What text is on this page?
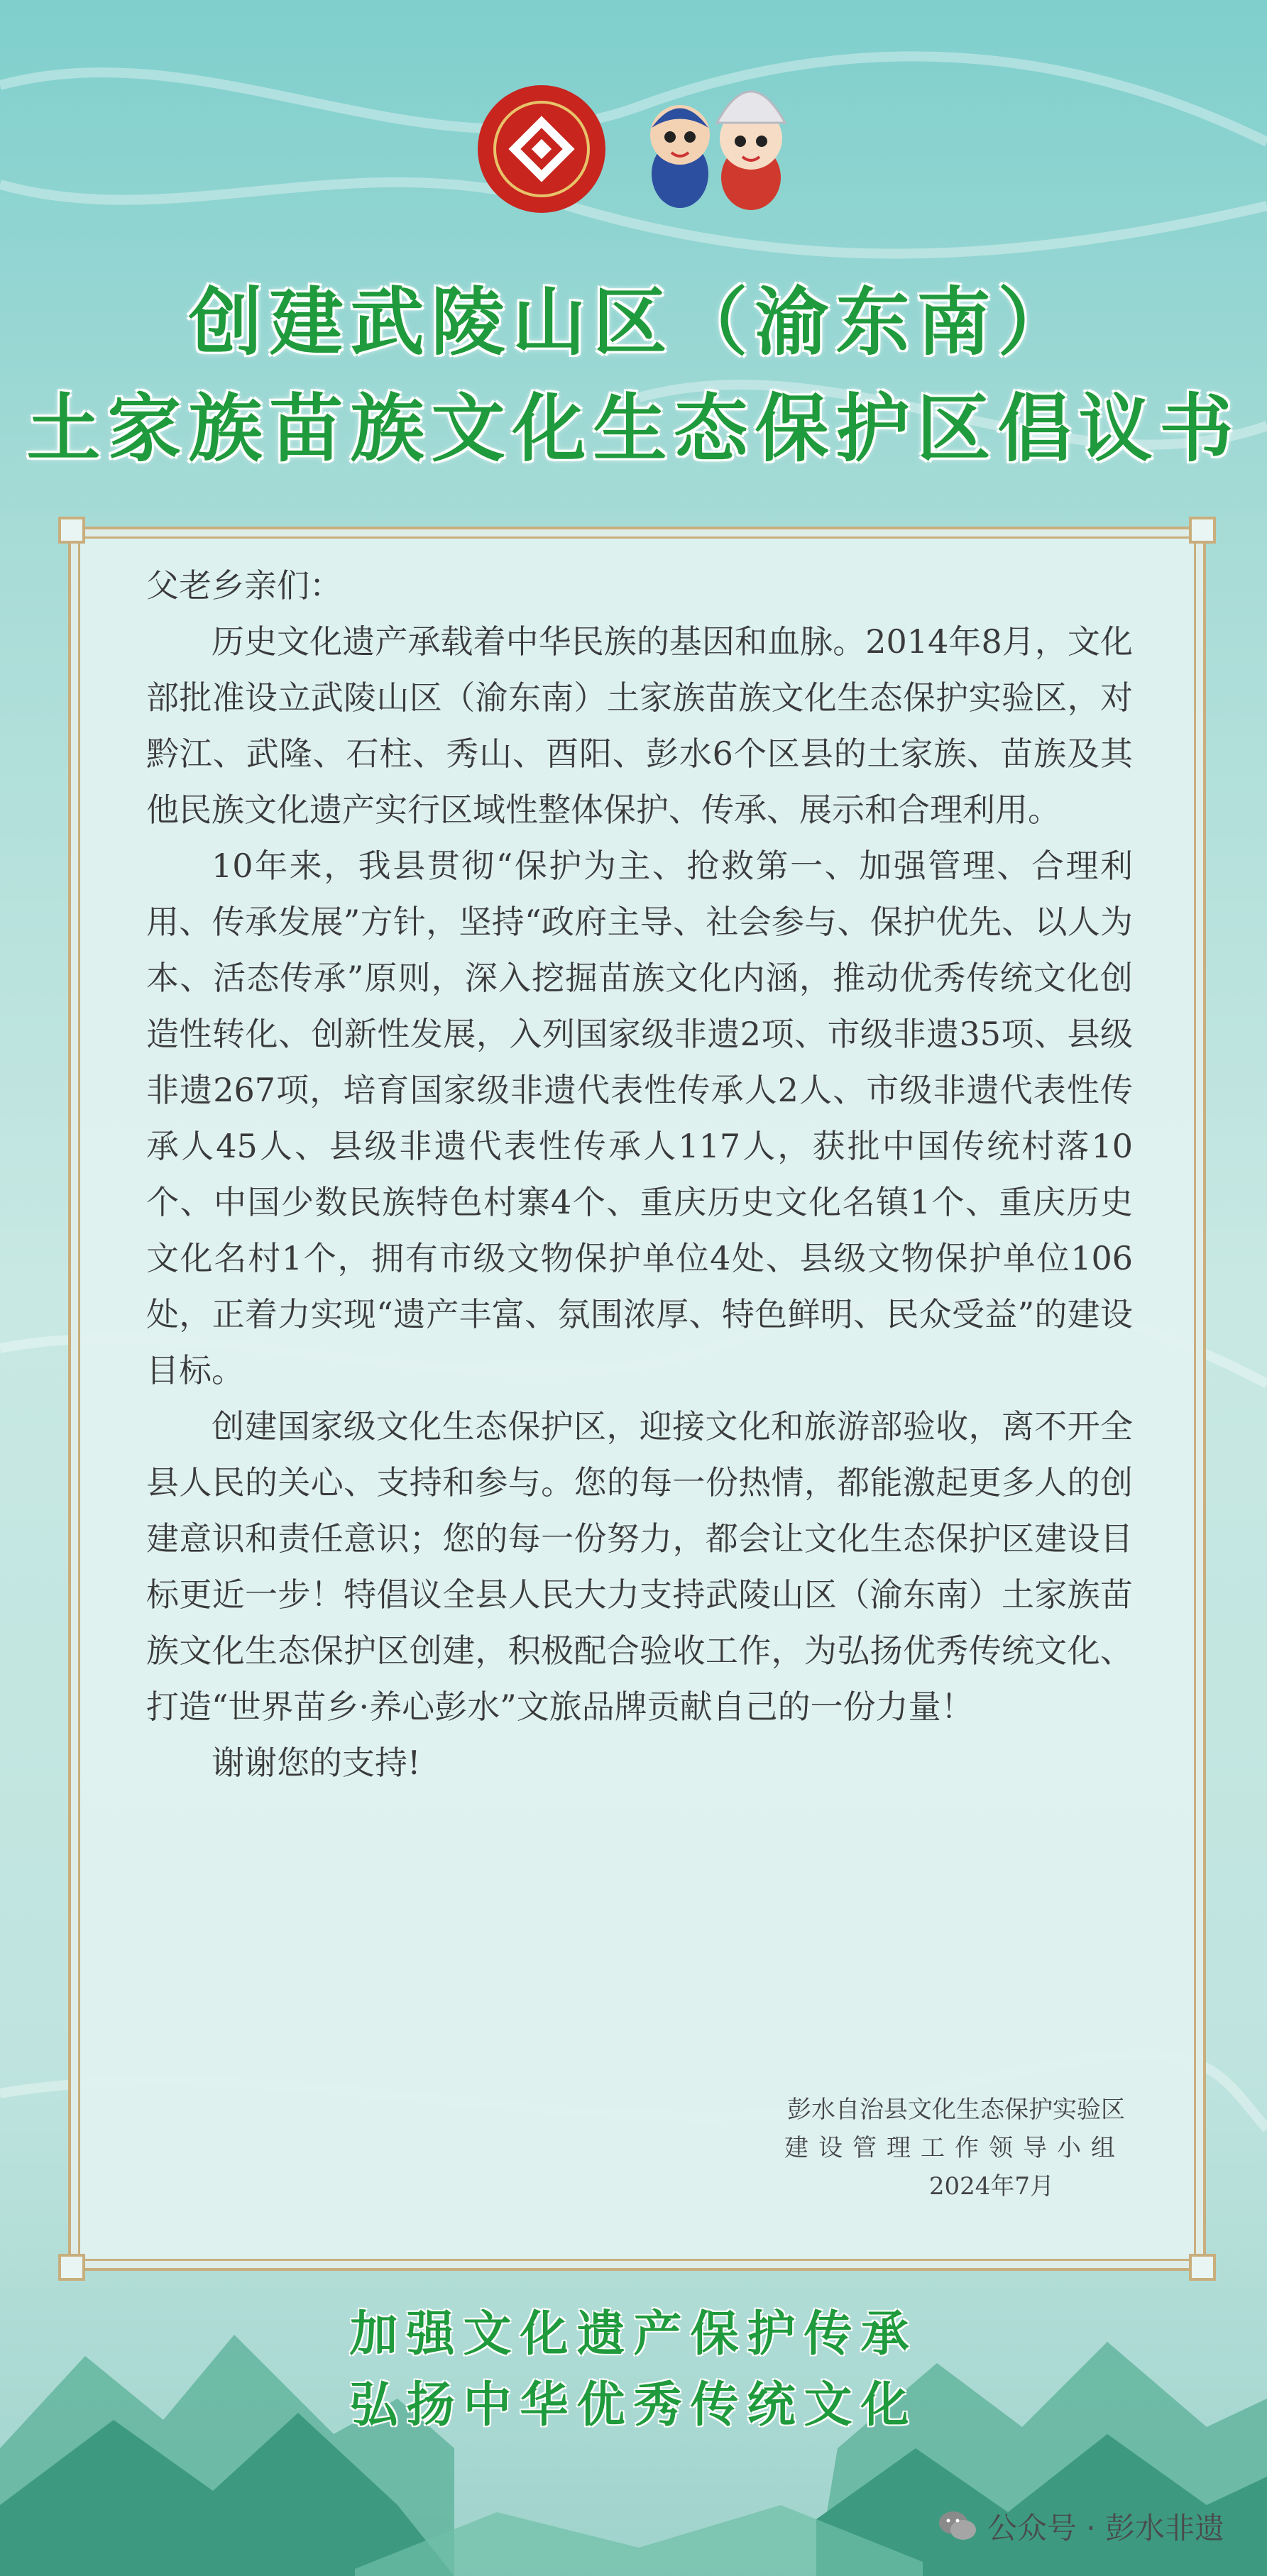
创建武陵山区（渝东南）
土家族苗族文化生态保护区倡议书

父老乡亲们：

历史文化遗产承载着中华民族的基因和血脉。2014年8月，文化部批准设立武陵山区（渝东南）土家族苗族文化生态保护实验区，对黔江、武隆、石柱、秀山、酉阳、彭水6个区县的土家族、苗族及其他民族文化遗产实行区域性整体保护、传承、展示和合理利用。

10年来，我县贯彻“保护为主、抢救第一、加强管理、合理利用、传承发展”方针，坚持“政府主导、社会参与、保护优先、以人为本、活态传承”原则，深入挖掘苗族文化内涵，推动优秀传统文化创造性转化、创新性发展，入列国家级非遗2项、市级非遗35项、县级非遗267项，培育国家级非遗代表性传承人2人、市级非遗代表性传承人45人、县级非遗代表性传承人117人，获批中国传统村落10个、中国少数民族特色村寨4个、重庆历史文化名镇1个、重庆历史文化名村1个，拥有市级文物保护单位4处、县级文物保护单位106处，正着力实现“遗产丰富、氛围浓厚、特色鲜明、民众受益”的建设目标。

创建国家级文化生态保护区，迎接文化和旅游部验收，离不开全县人民的关心、支持和参与。您的每一份热情，都能激起更多人的创建意识和责任意识；您的每一份努力，都会让文化生态保护区建设目标更近一步！特倡议全县人民大力支持武陵山区（渝东南）土家族苗族文化生态保护区创建，积极配合验收工作，为弘扬优秀传统文化、打造“世界苗乡·养心彭水”文旅品牌贡献自己的一份力量！

谢谢您的支持!

彭水自治县文化生态保护实验区
建设管理工作领导小组
2024年7月
加强文化遗产保护传承
弘扬中华优秀传统文化
公众号 · 彭水非遗
